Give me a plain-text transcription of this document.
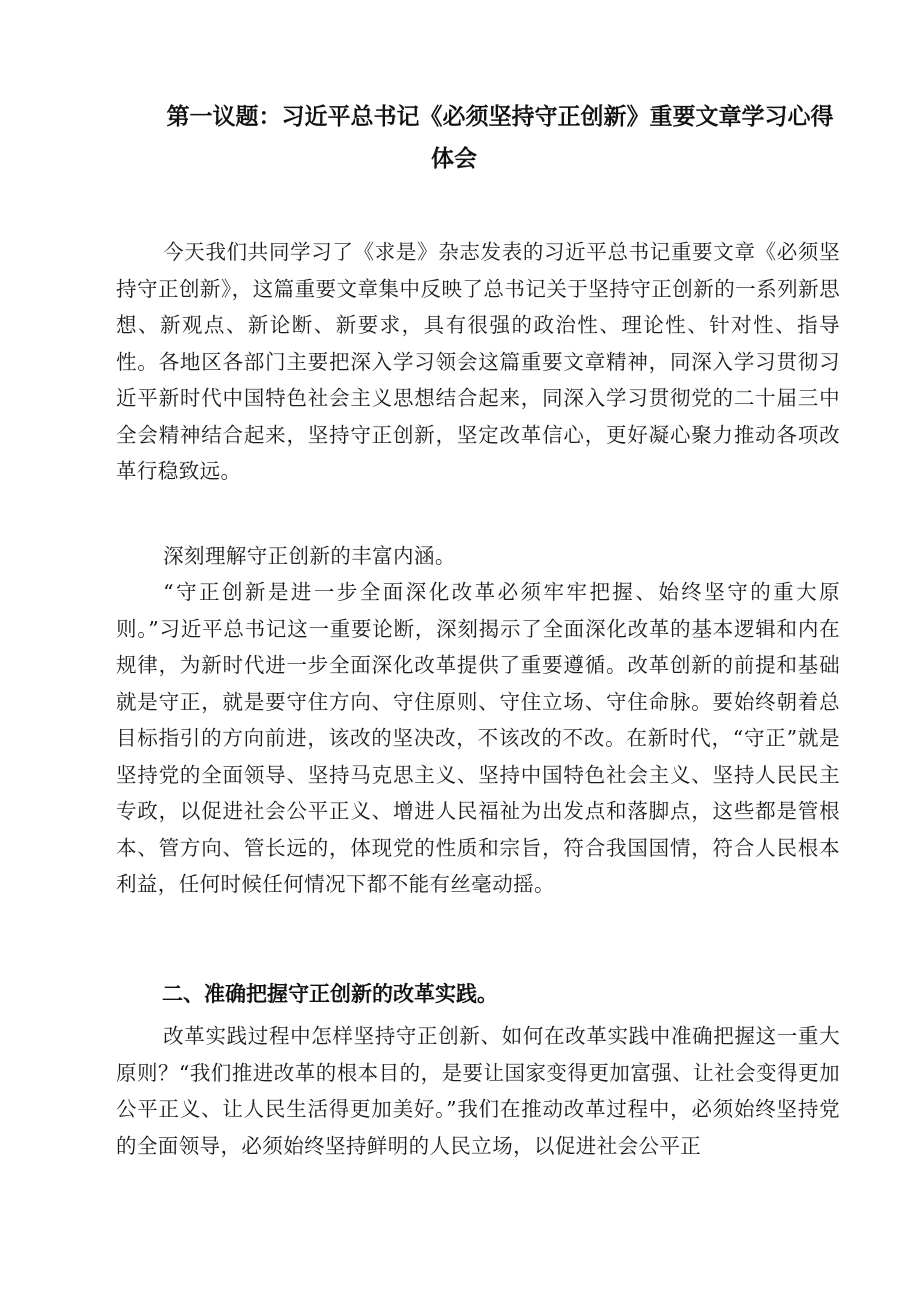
第一议题：习近平总书记《必须坚持守正创新》重要文章学习心得
体会
今天我们共同学习了《求是》杂志发表的习近平总书记重要文章《必须坚持守正创新》，这篇重要文章集中反映了总书记关于坚持守正创新的一系列新思想、新观点、新论断、新要求，具有很强的政治性、理论性、针对性、指导性。各地区各部门主要把深入学习领会这篇重要文章精神，同深入学习贯彻习近平新时代中国特色社会主义思想结合起来，同深入学习贯彻党的二十届三中全会精神结合起来，坚持守正创新，坚定改革信心，更好凝心聚力推动各项改革行稳致远。
深刻理解守正创新的丰富内涵。
“守正创新是进一步全面深化改革必须牢牢把握、始终坚守的重大原则。”习近平总书记这一重要论断，深刻揭示了全面深化改革的基本逻辑和内在规律，为新时代进一步全面深化改革提供了重要遵循。改革创新的前提和基础就是守正，就是要守住方向、守住原则、守住立场、守住命脉。要始终朝着总目标指引的方向前进，该改的坚决改，不该改的不改。在新时代，“守正”就是坚持党的全面领导、坚持马克思主义、坚持中国特色社会主义、坚持人民民主专政，以促进社会公平正义、增进人民福祉为出发点和落脚点，这些都是管根本、管方向、管长远的，体现党的性质和宗旨，符合我国国情，符合人民根本利益，任何时候任何情况下都不能有丝毫动摇。
二、准确把握守正创新的改革实践。
改革实践过程中怎样坚持守正创新、如何在改革实践中准确把握这一重大原则？“我们推进改革的根本目的，是要让国家变得更加富强、让社会变得更加公平正义、让人民生活得更加美好。”我们在推动改革过程中，必须始终坚持党的全面领导，必须始终坚持鲜明的人民立场，以促进社会公平正
